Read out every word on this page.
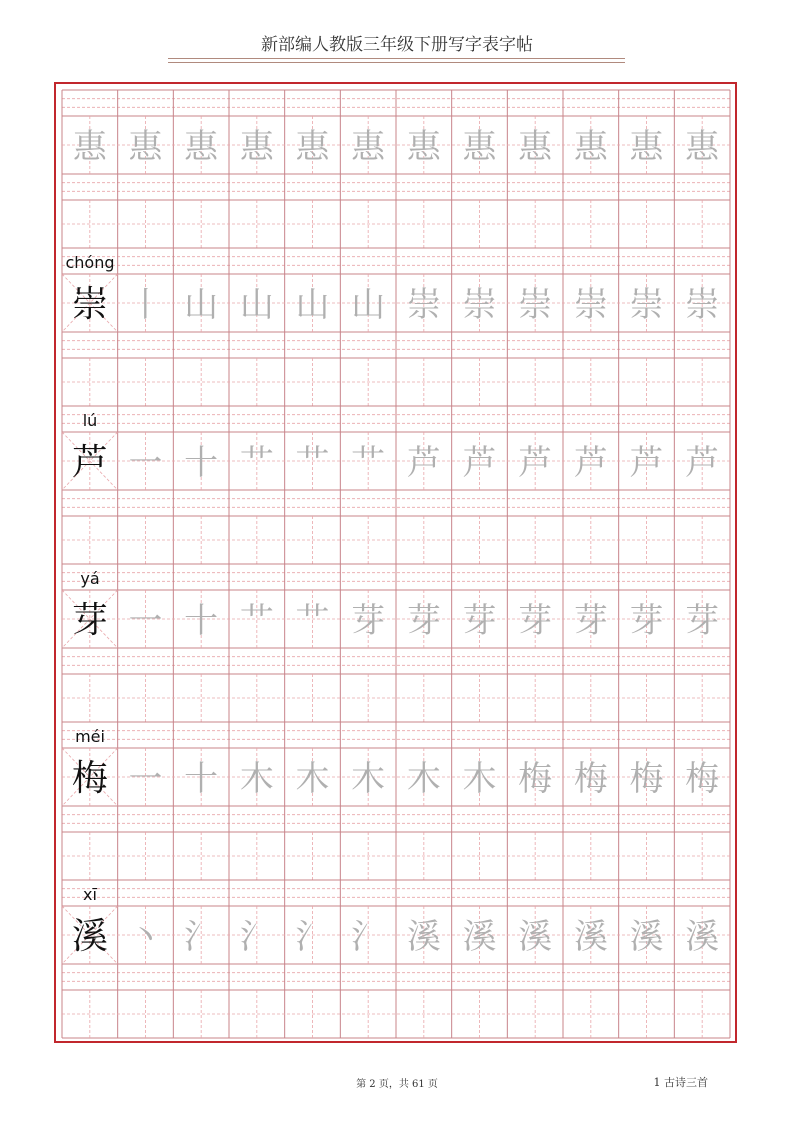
新部编人教版三年级下册写字表字帖
惠 惠 惠 惠 惠 惠 惠 惠 惠 惠 惠 惠
chóng
崇 丨 山 山 山 山 崇 崇 崇 崇 崇 崇
lú
芦 一 十 艹 艹 艹 芦 芦 芦 芦 芦 芦
yá
芽 一 十 艹 艹 芽 芽 芽 芽 芽 芽 芽
méi
梅 一 十 木 木 木 木 木 梅 梅 梅 梅
xī
溪 丶 氵 氵 氵 氵 溪 溪 溪 溪 溪 溪
第 2 页，共 61 页	1 古诗三首
